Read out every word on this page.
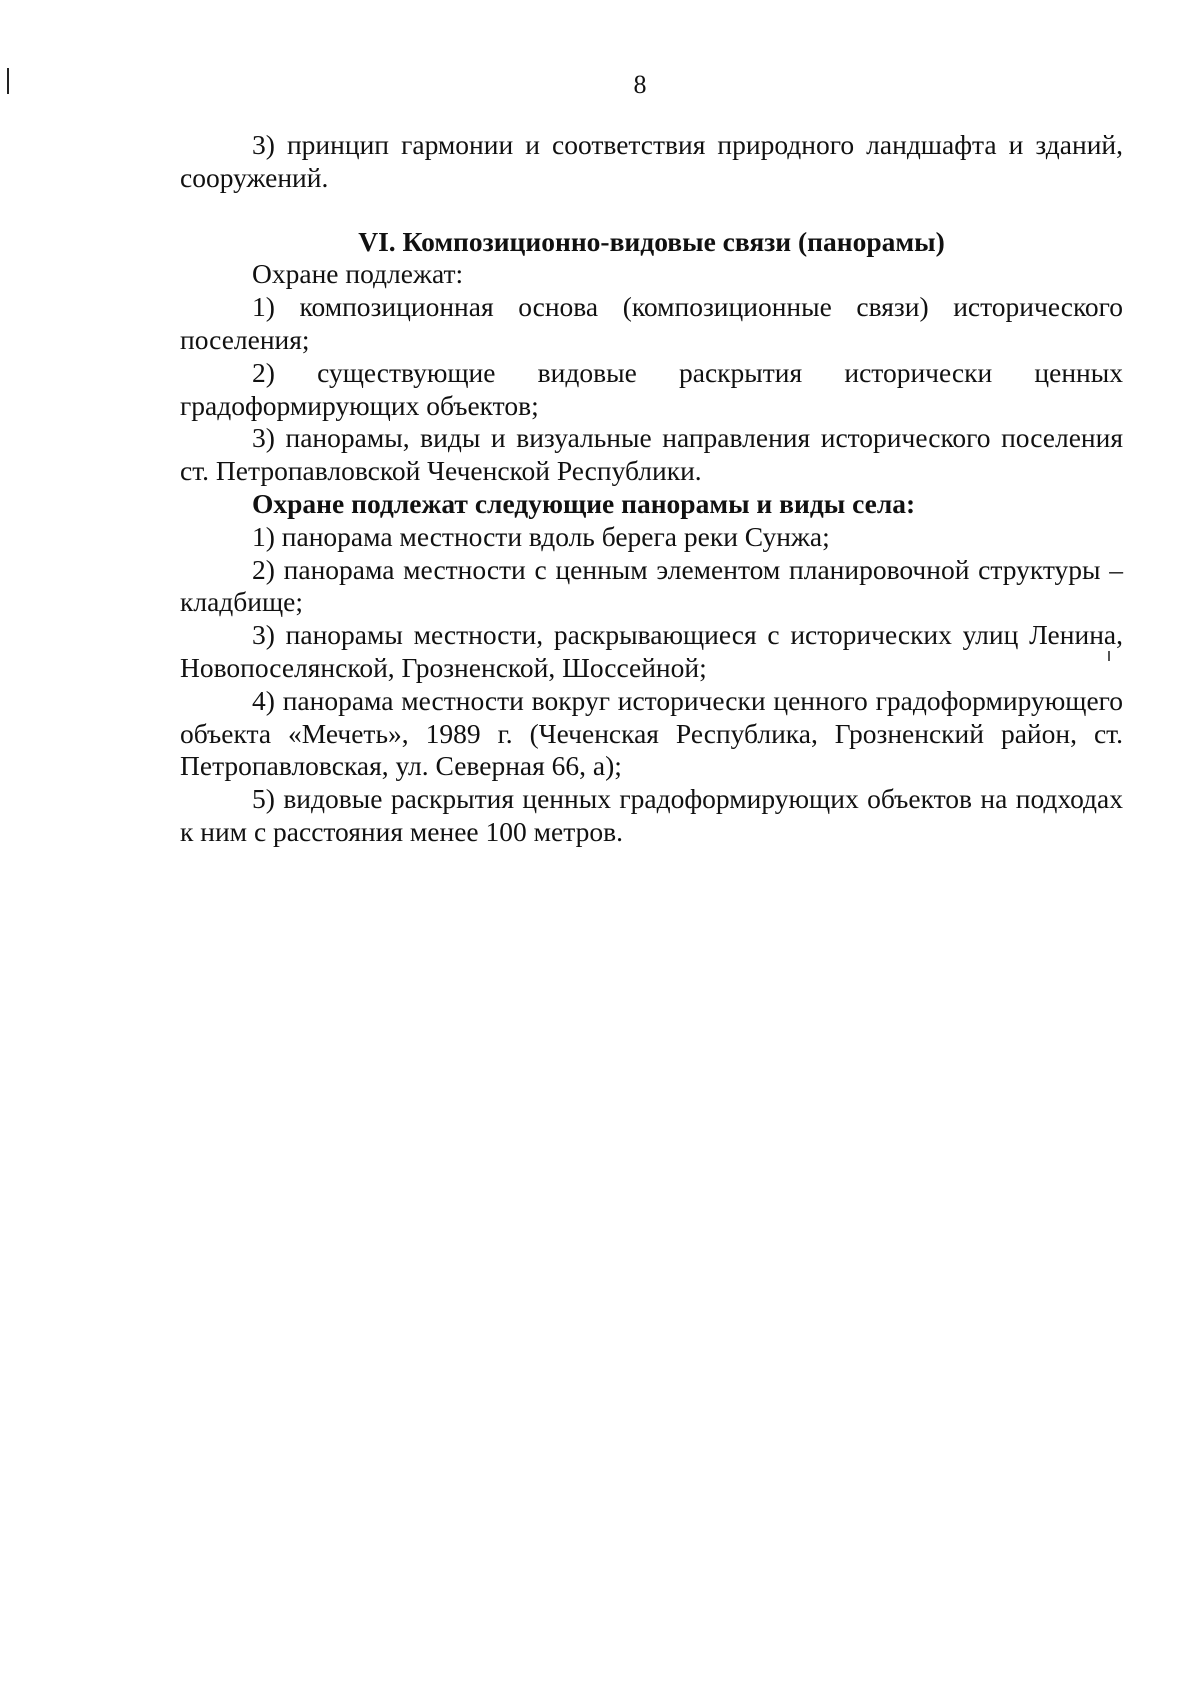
8

3) принцип гармонии и соответствия природного ландшафта и зданий, сооружений.

VI. Композиционно-видовые связи (панорамы)

Охране подлежат:

1) композиционная основа (композиционные связи) исторического поселения;

2) существующие видовые раскрытия исторически ценных градоформирующих объектов;

3) панорамы, виды и визуальные направления исторического поселения ст. Петропавловской Чеченской Республики.

Охране подлежат следующие панорамы и виды села:

1) панорама местности вдоль берега реки Сунжа;

2) панорама местности с ценным элементом планировочной структуры – кладбище;

3) панорамы местности, раскрывающиеся с исторических улиц Ленина, Новопоселянской, Грозненской, Шоссейной;

4) панорама местности вокруг исторически ценного градоформирующего объекта «Мечеть», 1989 г. (Чеченская Республика, Грозненский район, ст. Петропавловская, ул. Северная 66, а);

5) видовые раскрытия ценных градоформирующих объектов на подходах к ним с расстояния менее 100 метров.
